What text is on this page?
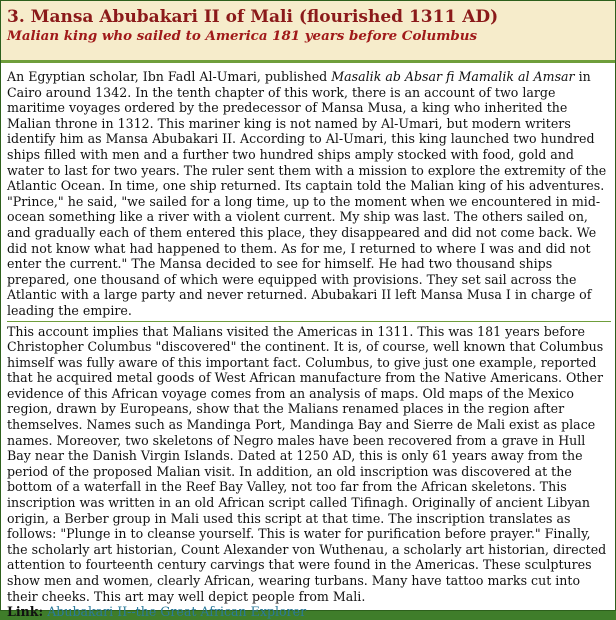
3. Mansa Abubakari II of Mali (flourished 1311 AD)
Malian king who sailed to America 181 years before Columbus

An Egyptian scholar, Ibn Fadl Al-Umari, published Masalik ab Absar fi Mamalik al Amsar in Cairo around 1342. In the tenth chapter of this work, there is an account of two large maritime voyages ordered by the predecessor of Mansa Musa, a king who inherited the Malian throne in 1312. This mariner king is not named by Al-Umari, but modern writers identify him as Mansa Abubakari II. According to Al-Umari, this king launched two hundred ships filled with men and a further two hundred ships amply stocked with food, gold and water to last for two years. The ruler sent them with a mission to explore the extremity of the Atlantic Ocean. In time, one ship returned. Its captain told the Malian king of his adventures. "Prince," he said, "we sailed for a long time, up to the moment when we encountered in mid-ocean something like a river with a violent current. My ship was last. The others sailed on, and gradually each of them entered this place, they disappeared and did not come back. We did not know what had happened to them. As for me, I returned to where I was and did not enter the current." The Mansa decided to see for himself. He had two thousand ships prepared, one thousand of which were equipped with provisions. They set sail across the Atlantic with a large party and never returned. Abubakari II left Mansa Musa I in charge of leading the empire.

This account implies that Malians visited the Americas in 1311. This was 181 years before Christopher Columbus "discovered" the continent. It is, of course, well known that Columbus himself was fully aware of this important fact. Columbus, to give just one example, reported that he acquired metal goods of West African manufacture from the Native Americans. Other evidence of this African voyage comes from an analysis of maps. Old maps of the Mexico region, drawn by Europeans, show that the Malians renamed places in the region after themselves. Names such as Mandinga Port, Mandinga Bay and Sierre de Mali exist as place names. Moreover, two skeletons of Negro males have been recovered from a grave in Hull Bay near the Danish Virgin Islands. Dated at 1250 AD, this is only 61 years away from the period of the proposed Malian visit. In addition, an old inscription was discovered at the bottom of a waterfall in the Reef Bay Valley, not too far from the African skeletons. This inscription was written in an old African script called Tifinagh. Originally of ancient Libyan origin, a Berber group in Mali used this script at that time. The inscription translates as follows: "Plunge in to cleanse yourself. This is water for purification before prayer." Finally, the scholarly art historian, Count Alexander von Wuthenau, a scholarly art historian, directed attention to fourteenth century carvings that were found in the Americas. These sculptures show men and women, clearly African, wearing turbans. Many have tattoo marks cut into their cheeks. This art may well depict people from Mali.

Link: Abubakari II--the Great African Explorer
